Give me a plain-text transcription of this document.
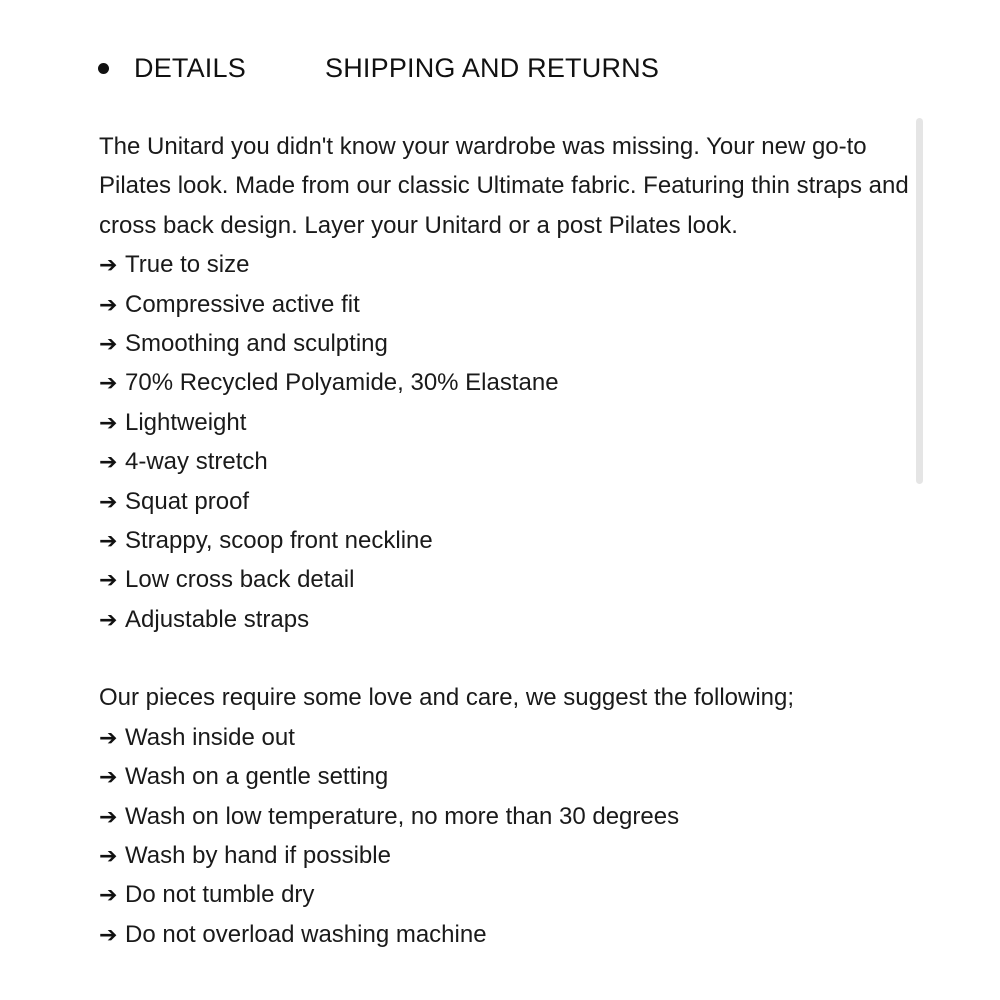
DETAILS	SHIPPING AND RETURNS

The Unitard you didn't know your wardrobe was missing. Your new go-to Pilates look. Made from our classic Ultimate fabric. Featuring thin straps and cross back design. Layer your Unitard or a post Pilates look.

➔ True to size
➔ Compressive active fit
➔ Smoothing and sculpting
➔ 70% Recycled Polyamide, 30% Elastane
➔ Lightweight
➔ 4-way stretch
➔ Squat proof
➔ Strappy, scoop front neckline
➔ Low cross back detail
➔ Adjustable straps

Our pieces require some love and care, we suggest the following;

➔ Wash inside out
➔ Wash on a gentle setting
➔ Wash on low temperature, no more than 30 degrees
➔ Wash by hand if possible
➔ Do not tumble dry
➔ Do not overload washing machine
